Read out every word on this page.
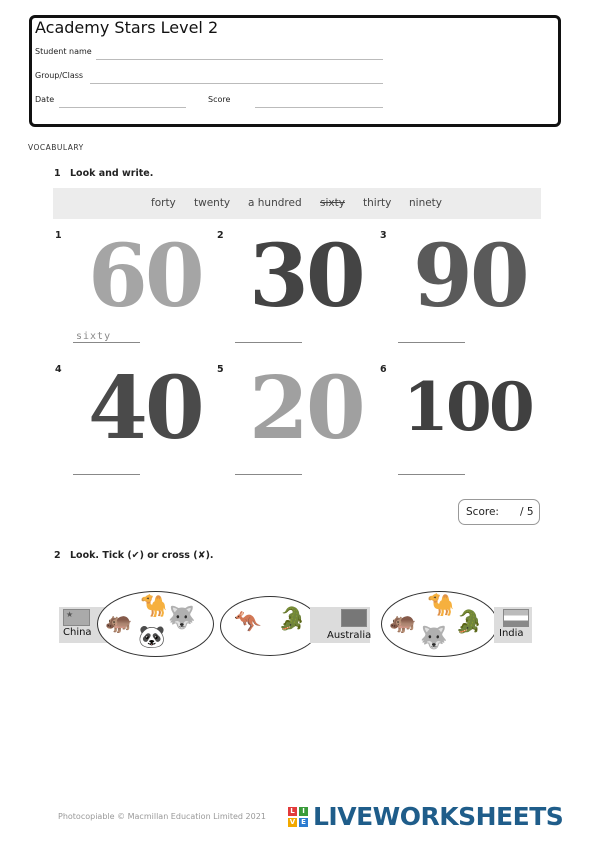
Academy Stars Level 2
Student name
Group/Class
Date	Score
VOCABULARY
1 Look and write.
forty twenty a hundred sixty thirty ninety
1 60
sixty
2 30 3 90
4 40 5 20 6 100
Score: / 5
2 Look. Tick (✔) or cross (✘).
★
China 🦛
🐪 🐺
🐼
🦘 🐊
Australia
🦛
🐪
🐺
🐊 India
Photocopiable © Macmillan Education Limited 2021
L I V E LIVEWORKSHEETS
